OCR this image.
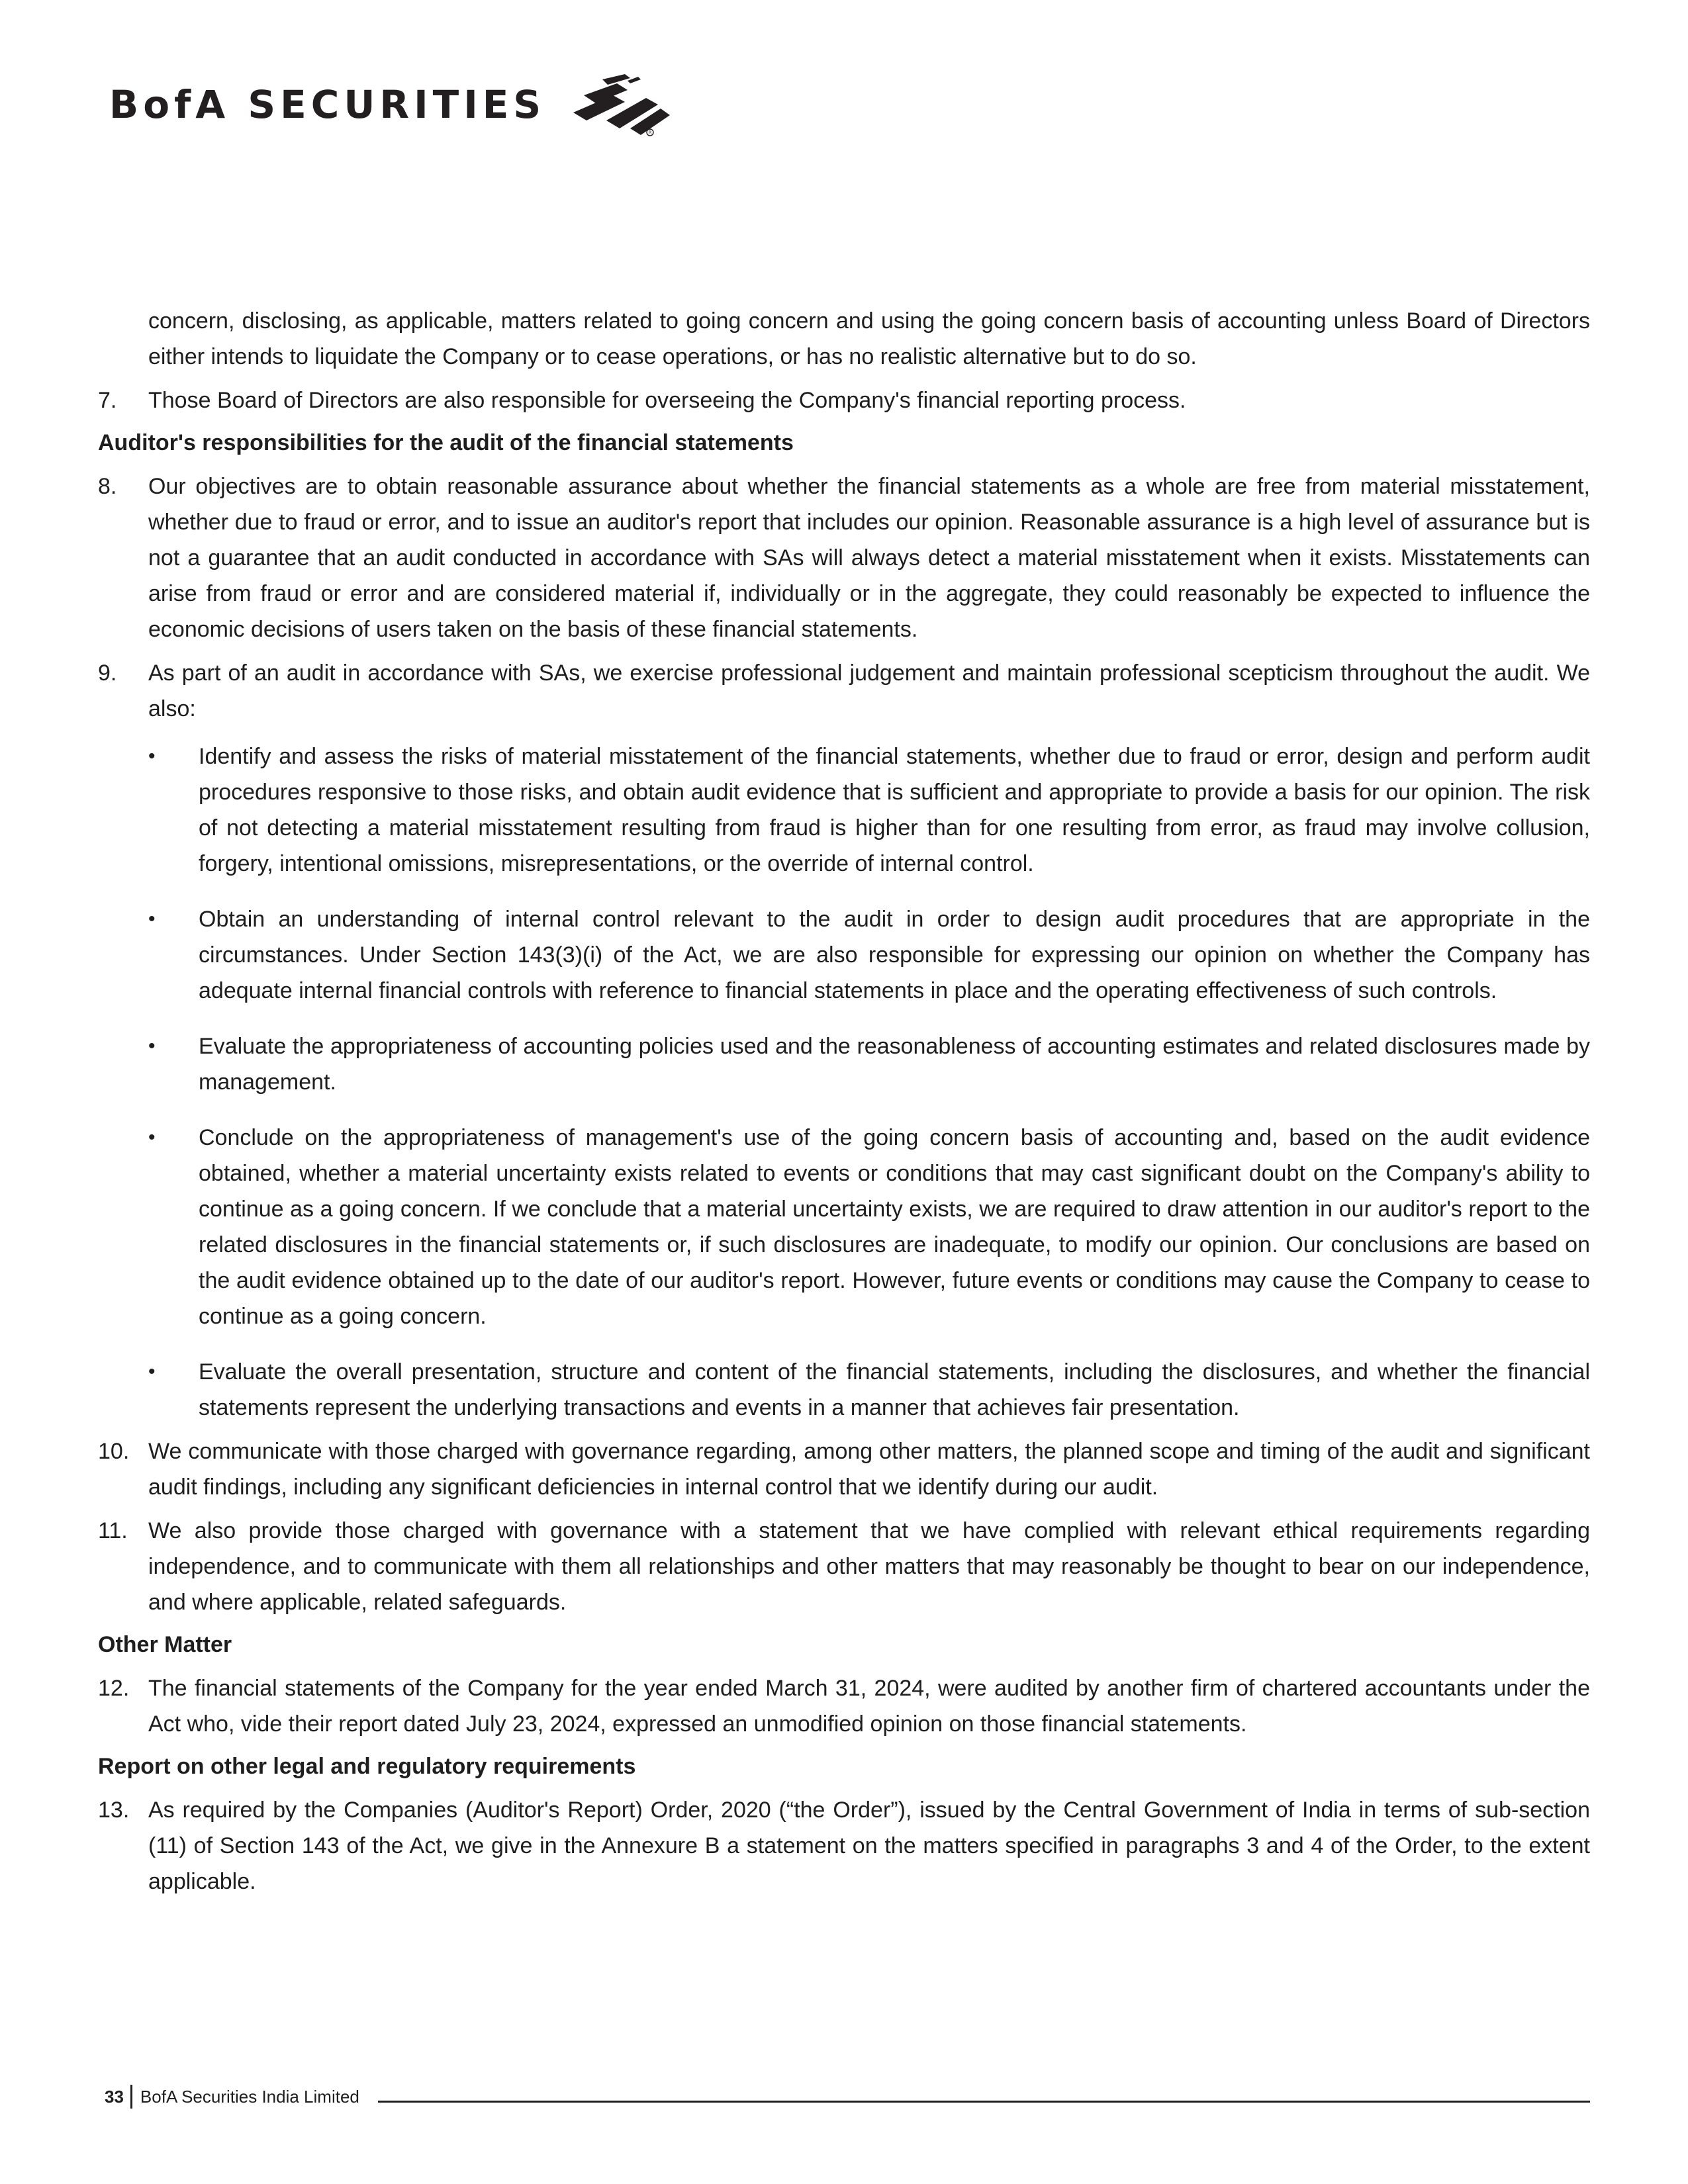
BofA SECURITIES
R
concern, disclosing, as applicable, matters related to going concern and using the going concern basis of accounting unless Board of Directors either intends to liquidate the Company or to cease operations, or has no realistic alternative but to do so.
7.	Those Board of Directors are also responsible for overseeing the Company's financial reporting process.
Auditor's responsibilities for the audit of the financial statements
8.	Our objectives are to obtain reasonable assurance about whether the financial statements as a whole are free from material misstatement, whether due to fraud or error, and to issue an auditor's report that includes our opinion. Reasonable assurance is a high level of assurance but is not a guarantee that an audit conducted in accordance with SAs will always detect a material misstatement when it exists. Misstatements can arise from fraud or error and are considered material if, individually or in the aggregate, they could reasonably be expected to influence the economic decisions of users taken on the basis of these financial statements.
9.	As part of an audit in accordance with SAs, we exercise professional judgement and maintain professional scepticism throughout the audit. We also:
•	Identify and assess the risks of material misstatement of the financial statements, whether due to fraud or error, design and perform audit procedures responsive to those risks, and obtain audit evidence that is sufficient and appropriate to provide a basis for our opinion. The risk of not detecting a material misstatement resulting from fraud is higher than for one resulting from error, as fraud may involve collusion, forgery, intentional omissions, misrepresentations, or the override of internal control.
•	Obtain an understanding of internal control relevant to the audit in order to design audit procedures that are appropriate in the circumstances. Under Section 143(3)(i) of the Act, we are also responsible for expressing our opinion on whether the Company has adequate internal financial controls with reference to financial statements in place and the operating effectiveness of such controls.
•	Evaluate the appropriateness of accounting policies used and the reasonableness of accounting estimates and related disclosures made by management.
•	Conclude on the appropriateness of management's use of the going concern basis of accounting and, based on the audit evidence obtained, whether a material uncertainty exists related to events or conditions that may cast significant doubt on the Company's ability to continue as a going concern. If we conclude that a material uncertainty exists, we are required to draw attention in our auditor's report to the related disclosures in the financial statements or, if such disclosures are inadequate, to modify our opinion. Our conclusions are based on the audit evidence obtained up to the date of our auditor's report. However, future events or conditions may cause the Company to cease to continue as a going concern.
•	Evaluate the overall presentation, structure and content of the financial statements, including the disclosures, and whether the financial statements represent the underlying transactions and events in a manner that achieves fair presentation.
10. We communicate with those charged with governance regarding, among other matters, the planned scope and timing of the audit and significant audit findings, including any significant deficiencies in internal control that we identify during our audit.
11. We also provide those charged with governance with a statement that we have complied with relevant ethical requirements regarding independence, and to communicate with them all relationships and other matters that may reasonably be thought to bear on our independence, and where applicable, related safeguards.
Other Matter
12. The financial statements of the Company for the year ended March 31, 2024, were audited by another firm of chartered accountants under the Act who, vide their report dated July 23, 2024, expressed an unmodified opinion on those financial statements.
Report on other legal and regulatory requirements
13. As required by the Companies (Auditor's Report) Order, 2020 (“the Order”), issued by the Central Government of India in terms of sub-section (11) of Section 143 of the Act, we give in the Annexure B a statement on the matters specified in paragraphs 3 and 4 of the Order, to the extent applicable.
33 BofA Securities India Limited
